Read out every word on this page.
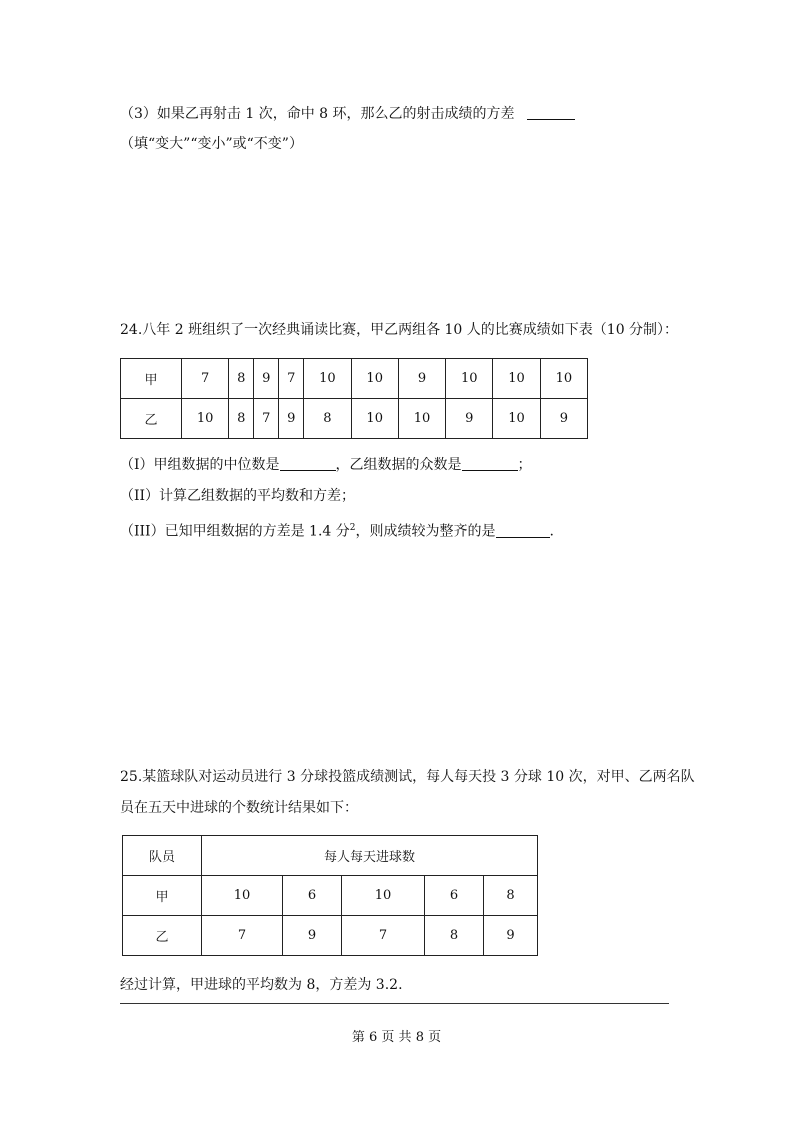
（3）如果乙再射击 1 次，命中 8 环，那么乙的射击成绩的方差
（填“变大”“变小”或“不变”）
24.八年 2 班组织了一次经典诵读比赛，甲乙两组各 10 人的比赛成绩如下表（10 分制）：
甲	7	8	9	7	10	10	9	10	10	10
乙	10	8	7	9	8	10	10	9	10	9
（I）甲组数据的中位数是	，乙组数据的众数是	；
（II）计算乙组数据的平均数和方差；
（III）已知甲组数据的方差是 1.4 分$^2$，则成绩较为整齐的是	.
25.某篮球队对运动员进行 3 分球投篮成绩测试，每人每天投 3 分球 10 次，对甲、乙两名队
员在五天中进球的个数统计结果如下：
队员	每人每天进球数				
甲	10	6	10	6	8
乙	7	9	7	8	9
经过计算，甲进球的平均数为 8，方差为 3.2.
第 6 页 共 8 页
